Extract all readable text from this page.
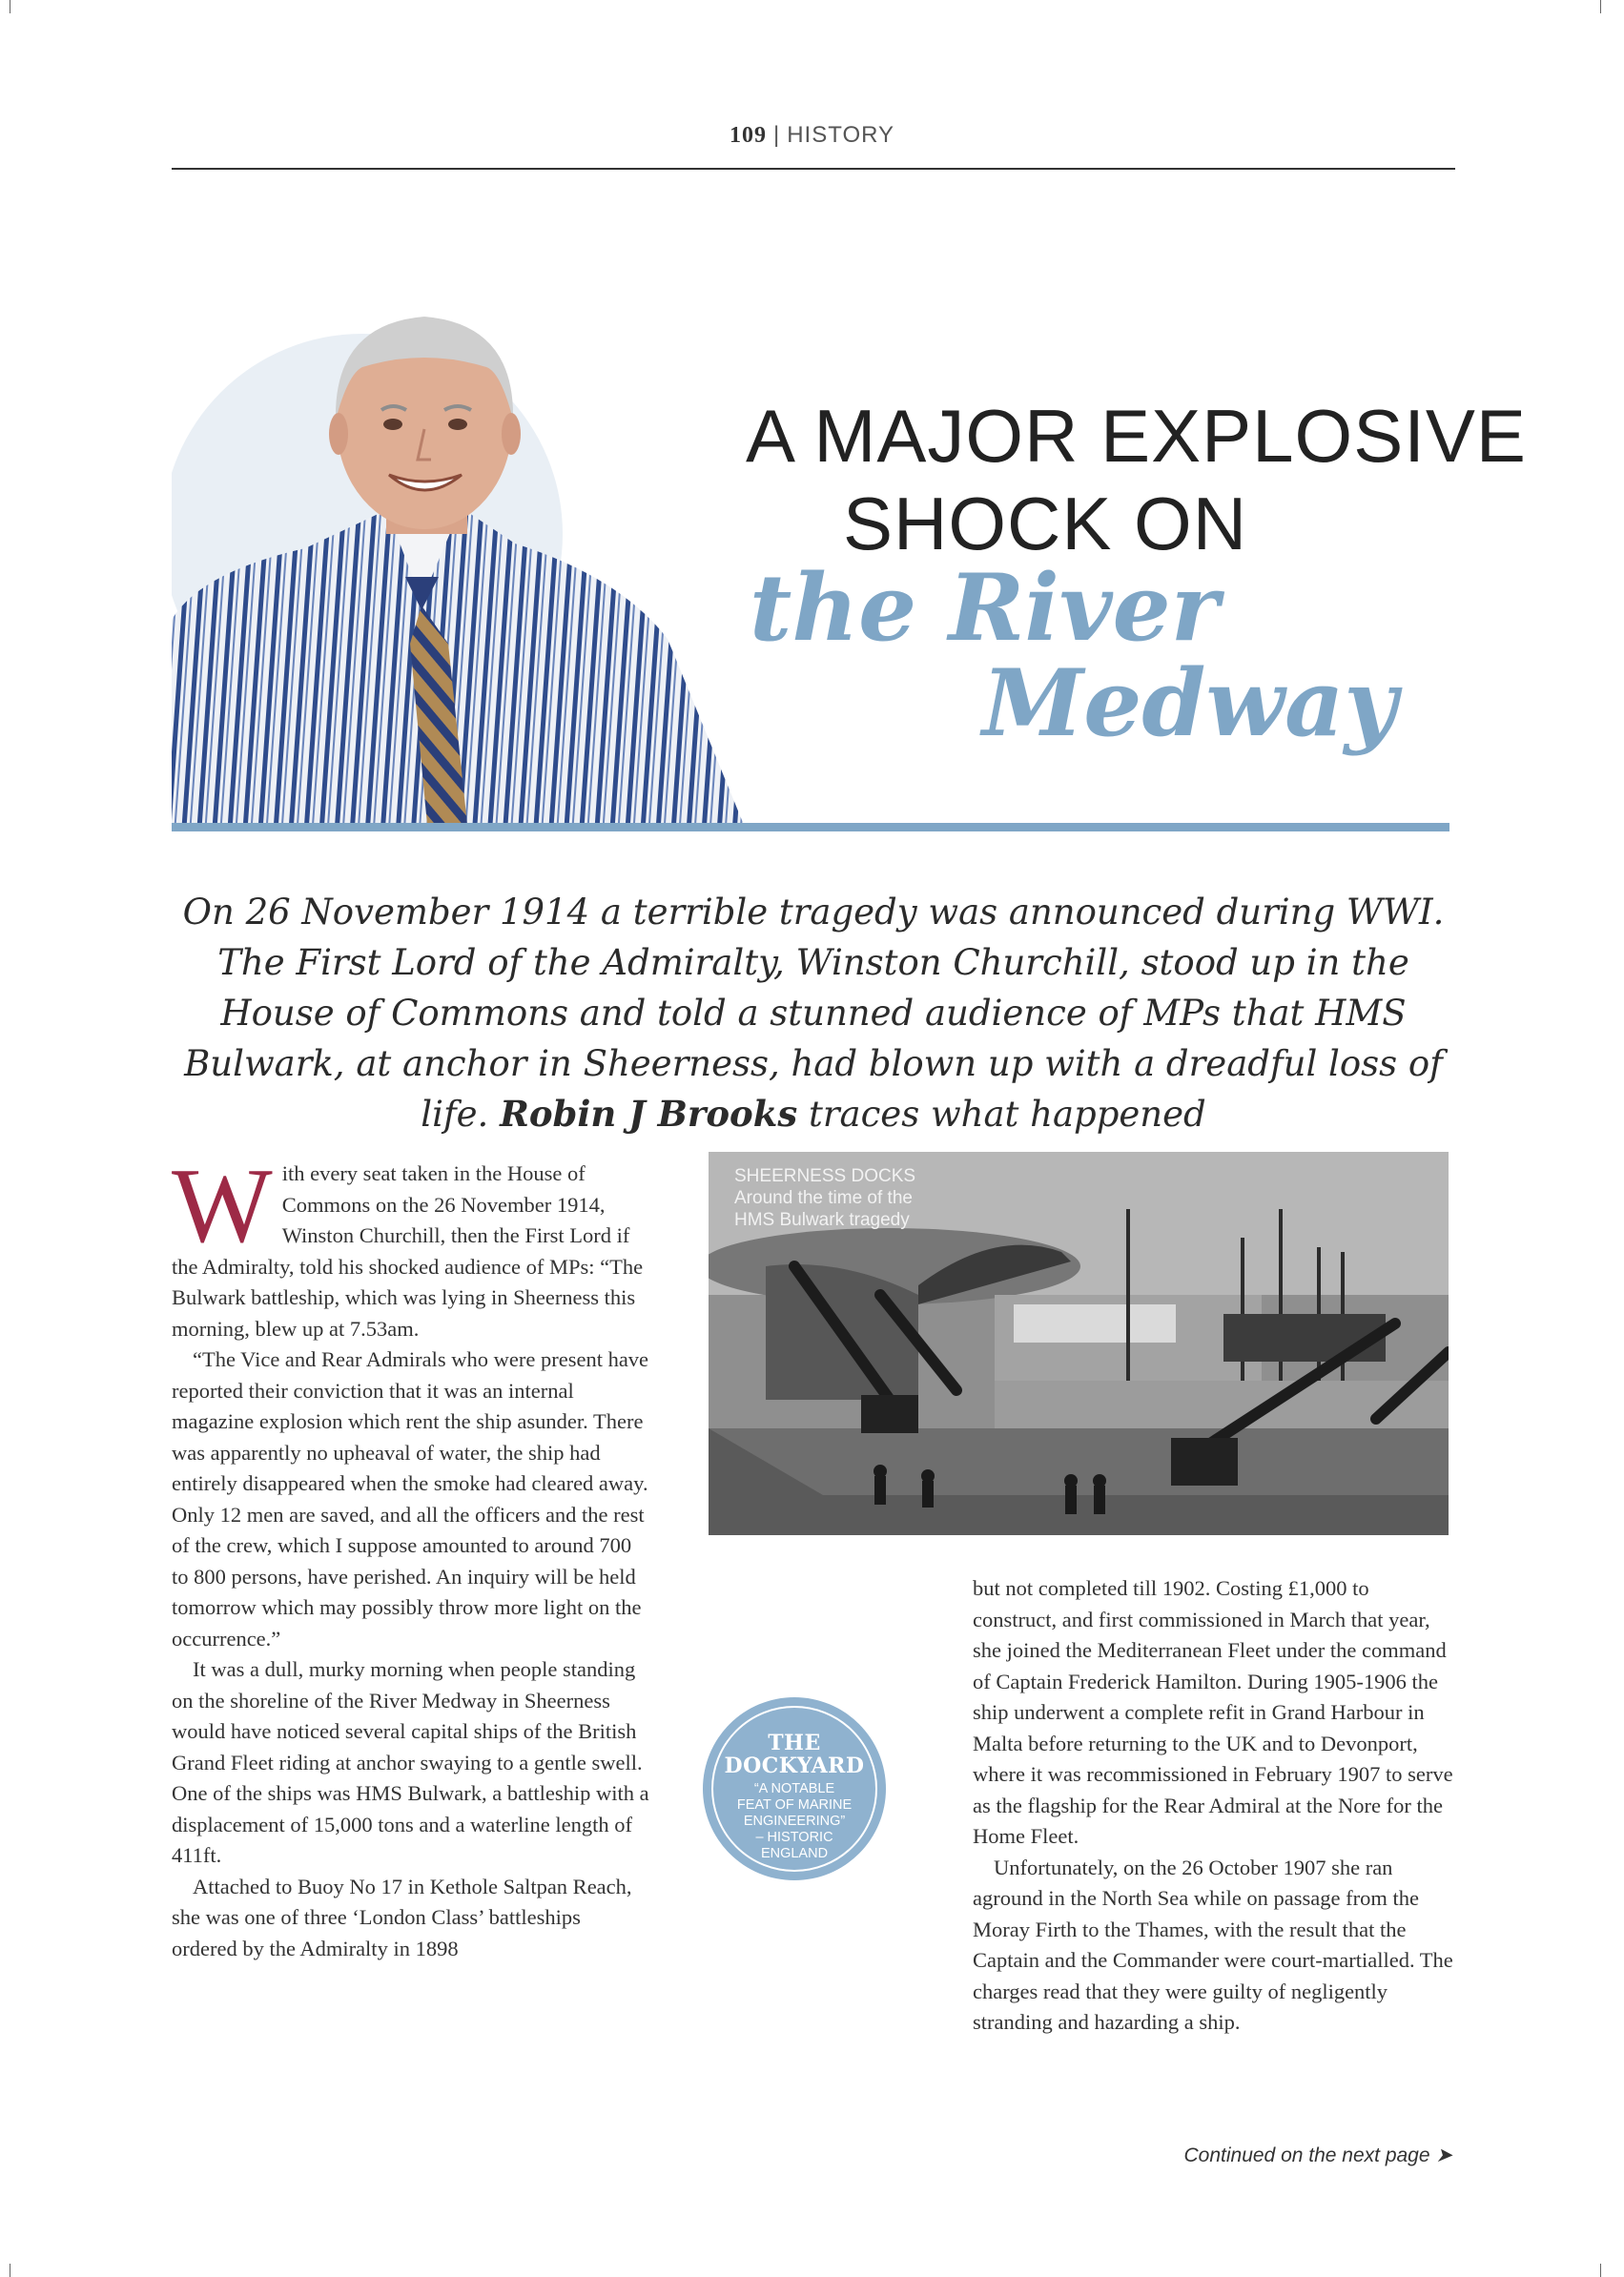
109 | HISTORY
A MAJOR EXPLOSIVE
SHOCK ON
the River
Medway
On 26 November 1914 a terrible tragedy was announced during WWI. The First Lord of the Admiralty, Winston Churchill, stood up in the House of Commons and told a stunned audience of MPs that HMS Bulwark, at anchor in Sheerness, had blown up with a dreadful loss of life. Robin J Brooks traces what happened

With every seat taken in the House of Commons on the 26 November 1914, Winston Churchill, then the First Lord if the Admiralty, told his shocked audience of MPs: “The Bulwark battleship, which was lying in Sheerness this morning, blew up at 7.53am.

“The Vice and Rear Admirals who were present have reported their conviction that it was an internal magazine explosion which rent the ship asunder. There was apparently no upheaval of water, the ship had entirely disappeared when the smoke had cleared away. Only 12 men are saved, and all the officers and the rest of the crew, which I suppose amounted to around 700 to 800 persons, have perished. An inquiry will be held tomorrow which may possibly throw more light on the occurrence.”

It was a dull, murky morning when people standing on the shoreline of the River Medway in Sheerness would have noticed several capital ships of the British Grand Fleet riding at anchor swaying to a gentle swell. One of the ships was HMS Bulwark, a battleship with a displacement of 15,000 tons and a waterline length of 411ft.

Attached to Buoy No 17 in Kethole Saltpan Reach, she was one of three ‘London Class’ battleships ordered by the Admiralty in 1898

SHEERNESS DOCKS
Around the time of the
HMS Bulwark tragedy
THE
DOCKYARD
“A NOTABLE
FEAT OF MARINE
ENGINEERING”
– HISTORIC
ENGLAND

but not completed till 1902. Costing £1,000 to construct, and first commissioned in March that year, she joined the Mediterranean Fleet under the command of Captain Frederick Hamilton. During 1905-1906 the ship underwent a complete refit in Grand Harbour in Malta before returning to the UK and to Devonport, where it was recommissioned in February 1907 to serve as the flagship for the Rear Admiral at the Nore for the Home Fleet.

Unfortunately, on the 26 October 1907 she ran aground in the North Sea while on passage from the Moray Firth to the Thames, with the result that the Captain and the Commander were court-martialled. The charges read that they were guilty of negligently stranding and hazarding a ship.

Continued on the next page ➤
